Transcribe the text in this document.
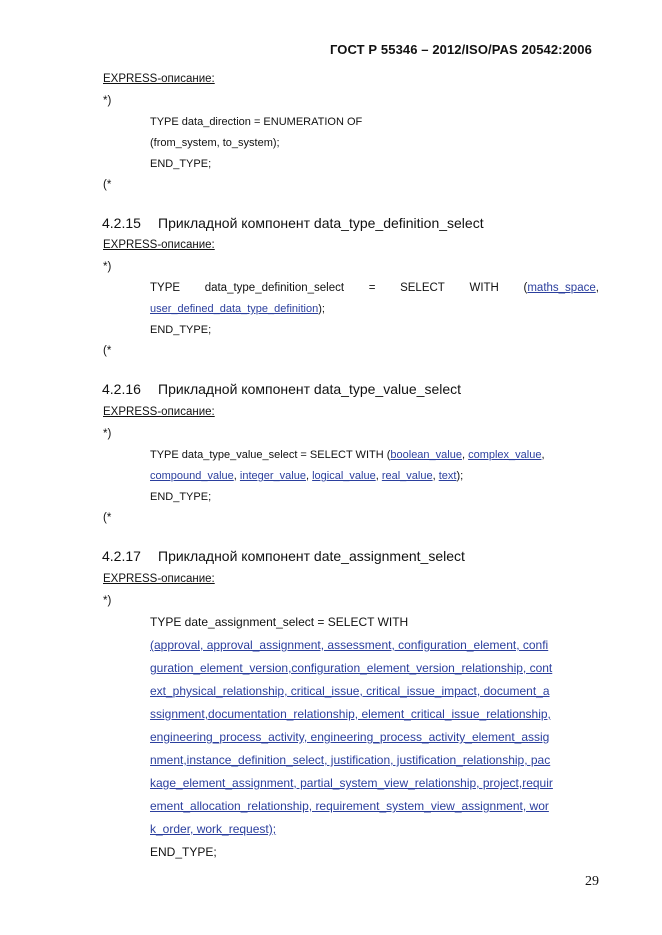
ГОСТ Р 55346 – 2012/ISO/PAS 20542:2006
EXPRESS-описание:
*)
TYPE data_direction = ENUMERATION OF
(from_system, to_system);
END_TYPE;
(*
4.2.15 Прикладной компонент data_type_definition_select
EXPRESS-описание:
*)
TYPE data_type_definition_select = SELECT WITH (maths_space,
user_defined_data_type_definition);
END_TYPE;
(*
4.2.16 Прикладной компонент data_type_value_select
EXPRESS-описание:
*)
TYPE data_type_value_select = SELECT WITH (boolean_value, complex_value,
compound_value, integer_value, logical_value, real_value, text);
END_TYPE;
(*
4.2.17 Прикладной компонент date_assignment_select
EXPRESS-описание:
*)
TYPE date_assignment_select = SELECT WITH
(approval, approval_assignment, assessment, configuration_element, confi
guration_element_version,configuration_element_version_relationship, cont
ext_physical_relationship, critical_issue, critical_issue_impact, document_a
ssignment,documentation_relationship, element_critical_issue_relationship,
engineering_process_activity, engineering_process_activity_element_assig
nment,instance_definition_select, justification, justification_relationship, pac
kage_element_assignment, partial_system_view_relationship, project,requir
ement_allocation_relationship, requirement_system_view_assignment, wor
k_order, work_request);
END_TYPE;
29
